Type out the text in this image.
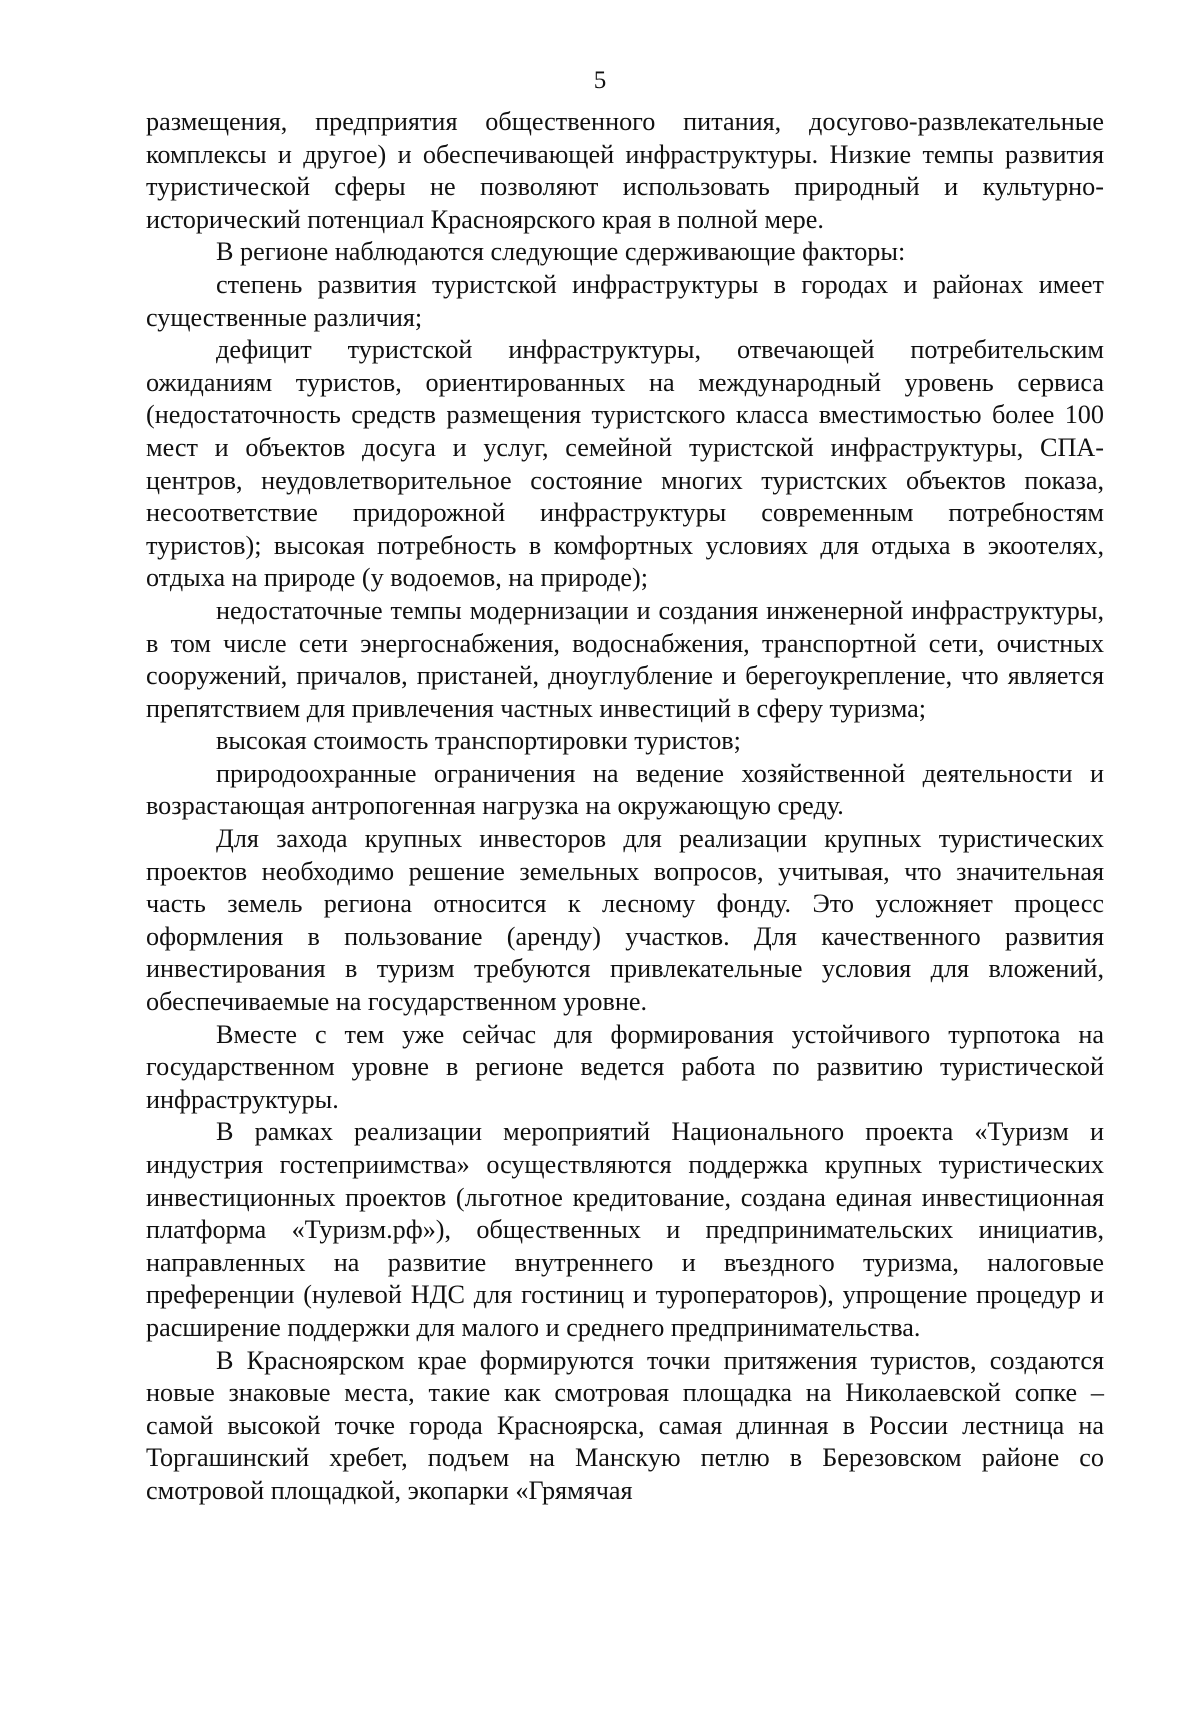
5

размещения, предприятия общественного питания, досугово-развлекательные комплексы и другое) и обеспечивающей инфраструктуры. Низкие темпы развития туристической сферы не позволяют использовать природный и культурно-исторический потенциал Красноярского края в полной мере.

В регионе наблюдаются следующие сдерживающие факторы:

степень развития туристской инфраструктуры в городах и районах имеет существенные различия;

дефицит туристской инфраструктуры, отвечающей потребительским ожиданиям туристов, ориентированных на международный уровень сервиса (недостаточность средств размещения туристского класса вместимостью более 100 мест и объектов досуга и услуг, семейной туристской инфраструктуры, СПА-центров, неудовлетворительное состояние многих туристских объектов показа, несоответствие придорожной инфраструктуры современным потребностям туристов); высокая потребность в комфортных условиях для отдыха в экоотелях, отдыха на природе (у водоемов, на природе);

недостаточные темпы модернизации и создания инженерной инфраструктуры, в том числе сети энергоснабжения, водоснабжения, транспортной сети, очистных сооружений, причалов, пристаней, дноуглубление и берегоукрепление, что является препятствием для привлечения частных инвестиций в сферу туризма;

высокая стоимость транспортировки туристов;

природоохранные ограничения на ведение хозяйственной деятельности и возрастающая антропогенная нагрузка на окружающую среду.

Для захода крупных инвесторов для реализации крупных туристических проектов необходимо решение земельных вопросов, учитывая, что значительная часть земель региона относится к лесному фонду. Это усложняет процесс оформления в пользование (аренду) участков. Для качественного развития инвестирования в туризм требуются привлекательные условия для вложений, обеспечиваемые на государственном уровне.

Вместе с тем уже сейчас для формирования устойчивого турпотока на государственном уровне в регионе ведется работа по развитию туристической инфраструктуры.

В рамках реализации мероприятий Национального проекта «Туризм и индустрия гостеприимства» осуществляются поддержка крупных туристических инвестиционных проектов (льготное кредитование, создана единая инвестиционная платформа «Туризм.рф»), общественных и предпринимательских инициатив, направленных на развитие внутреннего и въездного туризма, налоговые преференции (нулевой НДС для гостиниц и туроператоров), упрощение процедур и расширение поддержки для малого и среднего предпринимательства.

В Красноярском крае формируются точки притяжения туристов, создаются новые знаковые места, такие как смотровая площадка на Николаевской сопке – самой высокой точке города Красноярска, самая длинная в России лестница на Торгашинский хребет, подъем на Манскую петлю в Березовском районе со смотровой площадкой, экопарки «Грямячая
